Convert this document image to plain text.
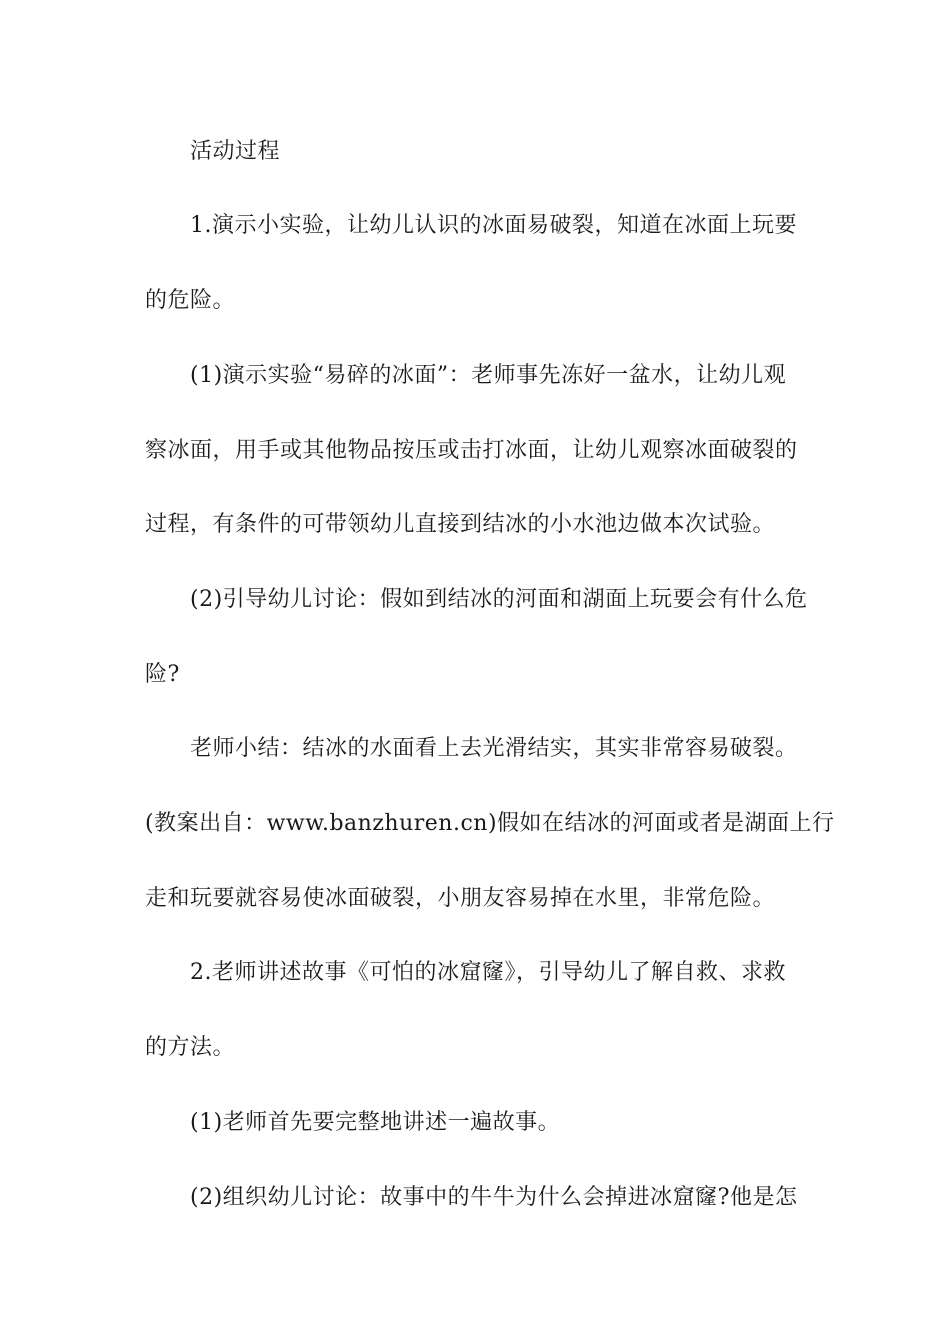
活动过程
1.演示小实验，让幼儿认识的冰面易破裂，知道在冰面上玩要
的危险。
(1)演示实验“易碎的冰面”：老师事先冻好一盆水，让幼儿观
察冰面，用手或其他物品按压或击打冰面，让幼儿观察冰面破裂的
过程，有条件的可带领幼儿直接到结冰的小水池边做本次试验。
(2)引导幼儿讨论：假如到结冰的河面和湖面上玩要会有什么危
险?
老师小结：结冰的水面看上去光滑结实，其实非常容易破裂。
(教案出自：www.banzhuren.cn)假如在结冰的河面或者是湖面上行
走和玩要就容易使冰面破裂，小朋友容易掉在水里，非常危险。
2.老师讲述故事《可怕的冰窟窿》，引导幼儿了解自救、求救
的方法。
(1)老师首先要完整地讲述一遍故事。
(2)组织幼儿讨论：故事中的牛牛为什么会掉进冰窟窿?他是怎
